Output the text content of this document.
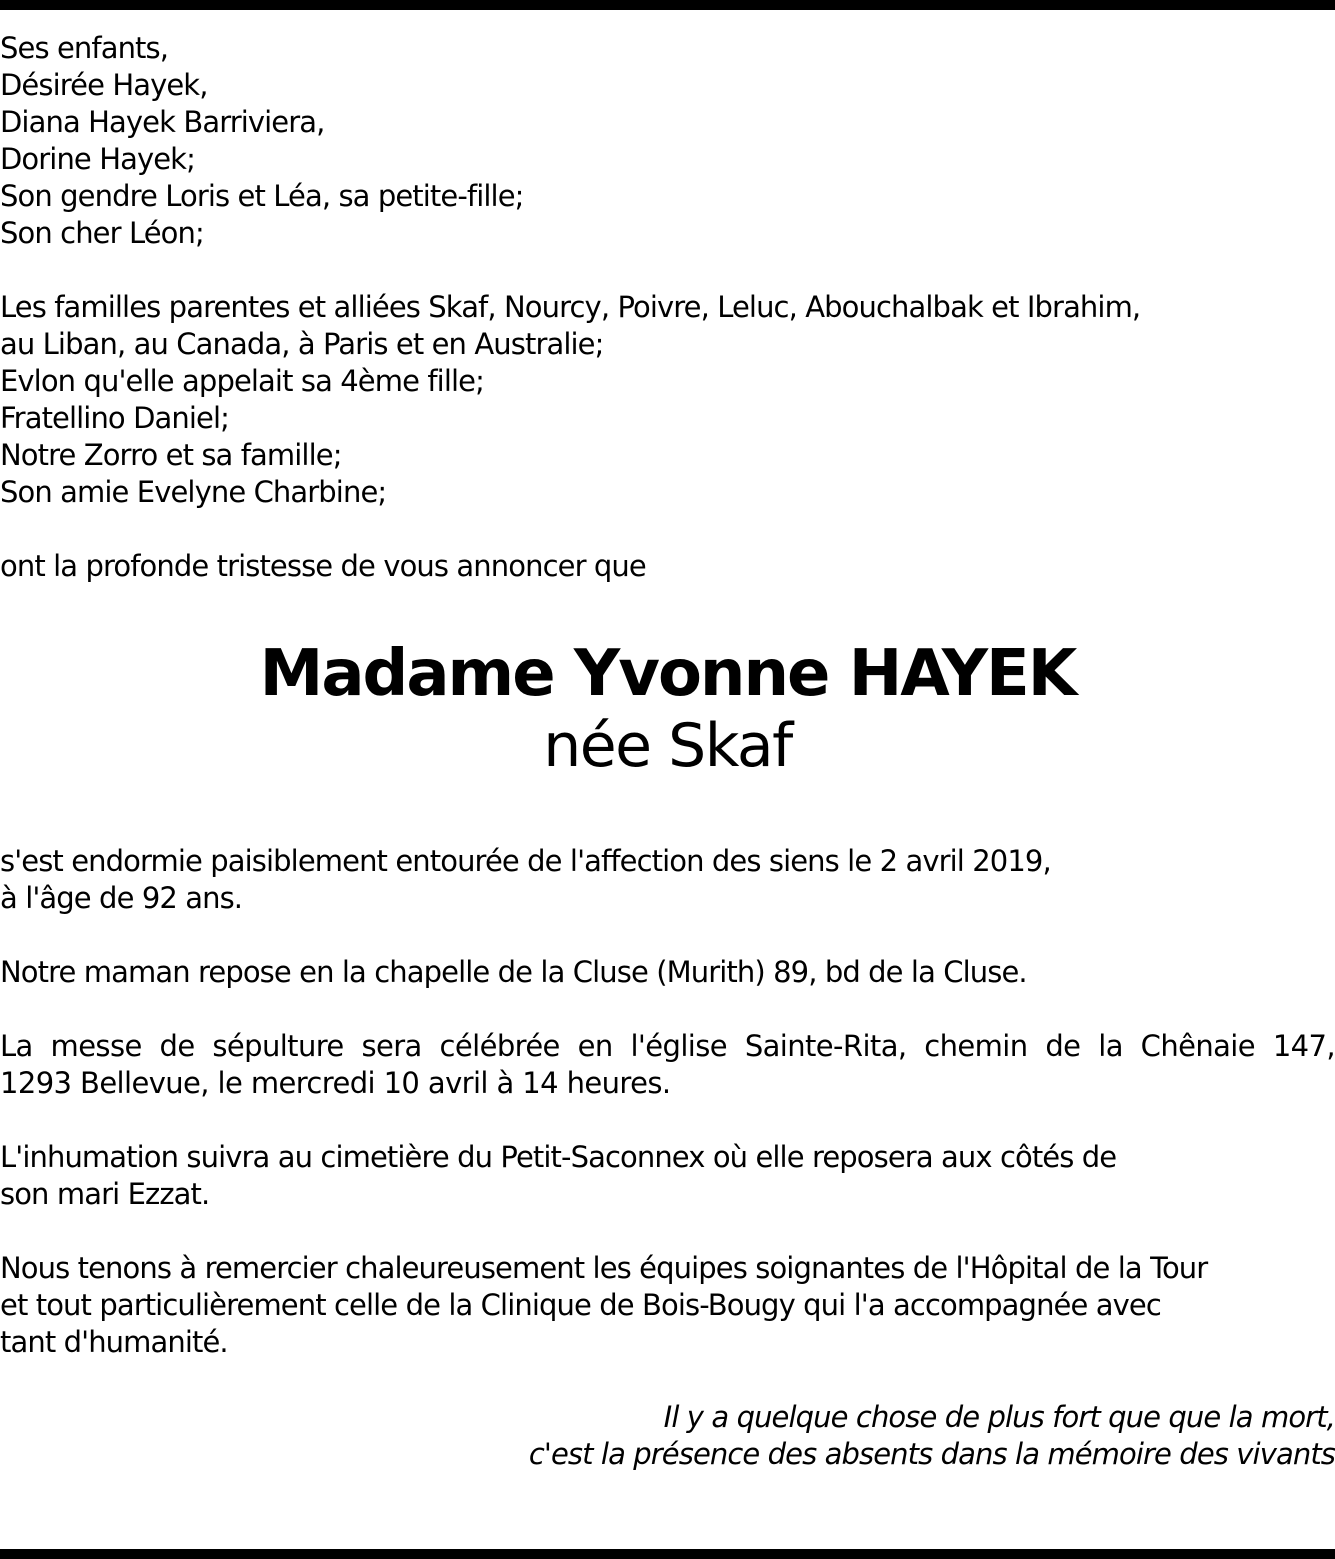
Ses enfants,
Désirée Hayek,
Diana Hayek Barriviera,
Dorine Hayek;
Son gendre Loris et Léa, sa petite-fille;
Son cher Léon;
Les familles parentes et alliées Skaf, Nourcy, Poivre, Leluc, Abouchalbak et Ibrahim,
au Liban, au Canada, à Paris et en Australie;
Evlon qu'elle appelait sa 4ème fille;
Fratellino Daniel;
Notre Zorro et sa famille;
Son amie Evelyne Charbine;
ont la profonde tristesse de vous annoncer que
Madame Yvonne HAYEK
née Skaf
s'est endormie paisiblement entourée de l'affection des siens le 2 avril 2019,
à l'âge de 92 ans.
Notre maman repose en la chapelle de la Cluse (Murith) 89, bd de la Cluse.
La messe de sépulture sera célébrée en l'église Sainte-Rita, chemin de la Chênaie 147,
1293 Bellevue, le mercredi 10 avril à 14 heures.
L'inhumation suivra au cimetière du Petit-Saconnex où elle reposera aux côtés de
son mari Ezzat.
Nous tenons à remercier chaleureusement les équipes soignantes de l'Hôpital de la Tour
et tout particulièrement celle de la Clinique de Bois-Bougy qui l'a accompagnée avec
tant d'humanité.
Il y a quelque chose de plus fort que que la mort,
c'est la présence des absents dans la mémoire des vivants
